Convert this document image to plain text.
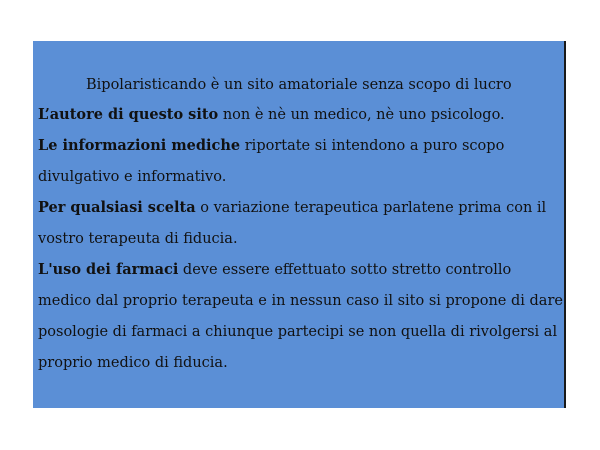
Bipolaristicando è un sito amatoriale senza scopo di lucro
L’autore di questo sito non è nè un medico, nè uno psicologo.
Le informazioni mediche riportate si intendono a puro scopo
divulgativo e informativo.
Per qualsiasi scelta o variazione terapeutica parlatene prima con il
vostro terapeuta di fiducia.
L'uso dei farmaci deve essere effettuato sotto stretto controllo
medico dal proprio terapeuta e in nessun caso il sito si propone di dare
posologie di farmaci a chiunque partecipi se non quella di rivolgersi al
proprio medico di fiducia.
